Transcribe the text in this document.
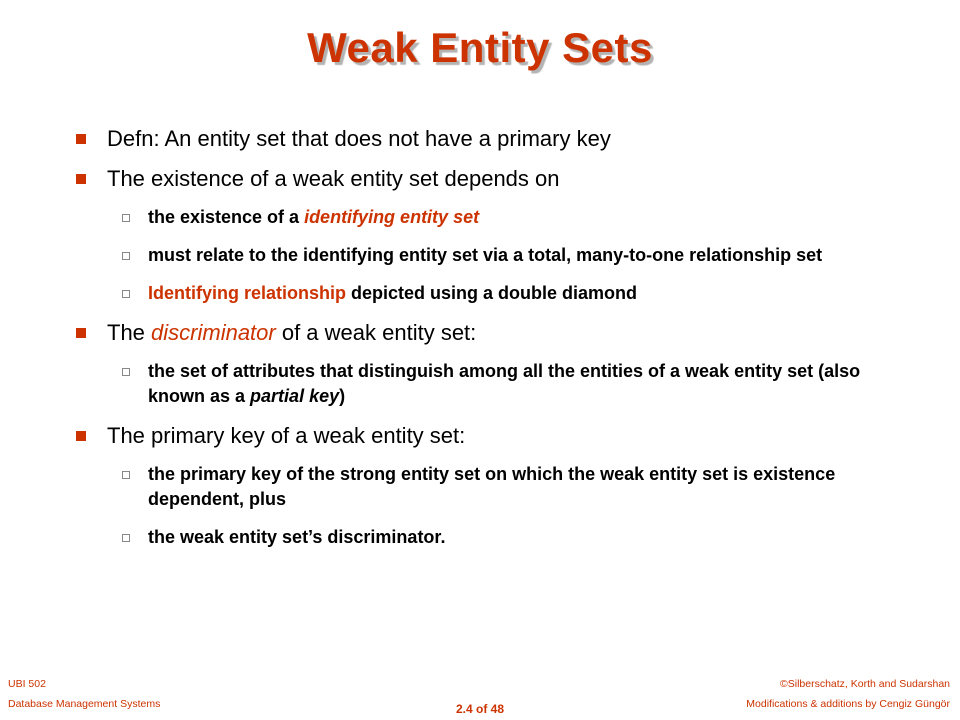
Weak Entity Sets
Defn: An entity set that does not have a primary key
The existence of a weak entity set depends on
the existence of a identifying entity set
must relate to the identifying entity set via a total, many-to-one relationship set
Identifying relationship depicted using a double diamond
The discriminator of a weak entity set:
the set of attributes that distinguish among all the entities of a weak entity set (also known as a partial key)
The primary key of a weak entity set:
the primary key of the strong entity set on which the weak entity set is existence dependent, plus
the weak entity set’s discriminator.
UBI 502
Database Management Systems
©Silberschatz, Korth and Sudarshan
Modifications & additions by Cengiz Güngör
2.4 of 48
